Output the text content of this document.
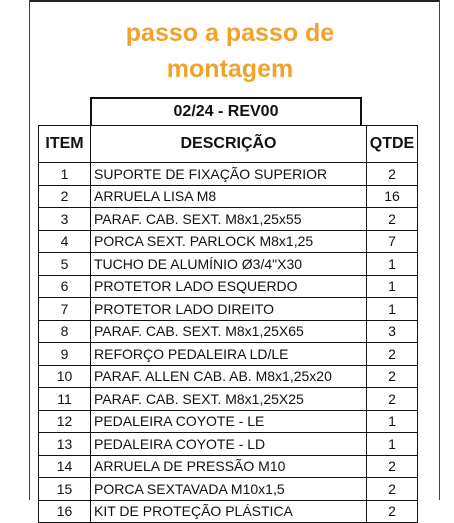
passo a passo de
montagem
02/24 - REV00
ITEM	DESCRIÇÃO	QTDE
1	SUPORTE DE FIXAÇÃO SUPERIOR	2
2	ARRUELA LISA M8	16
3	PARAF. CAB. SEXT. M8x1,25x55	2
4	PORCA SEXT. PARLOCK M8x1,25	7
5	TUCHO DE ALUMÍNIO Ø3/4"X30	1
6	PROTETOR LADO ESQUERDO	1
7	PROTETOR LADO DIREITO	1
8	PARAF. CAB. SEXT. M8x1,25X65	3
9	REFORÇO PEDALEIRA LD/LE	2
10	PARAF. ALLEN CAB. AB. M8x1,25x20	2
11	PARAF. CAB. SEXT. M8x1,25X25	2
12	PEDALEIRA COYOTE - LE	1
13	PEDALEIRA COYOTE - LD	1
14	ARRUELA DE PRESSÃO M10	2
15	PORCA SEXTAVADA M10x1,5	2
16	KIT DE PROTEÇÃO PLÁSTICA	2
